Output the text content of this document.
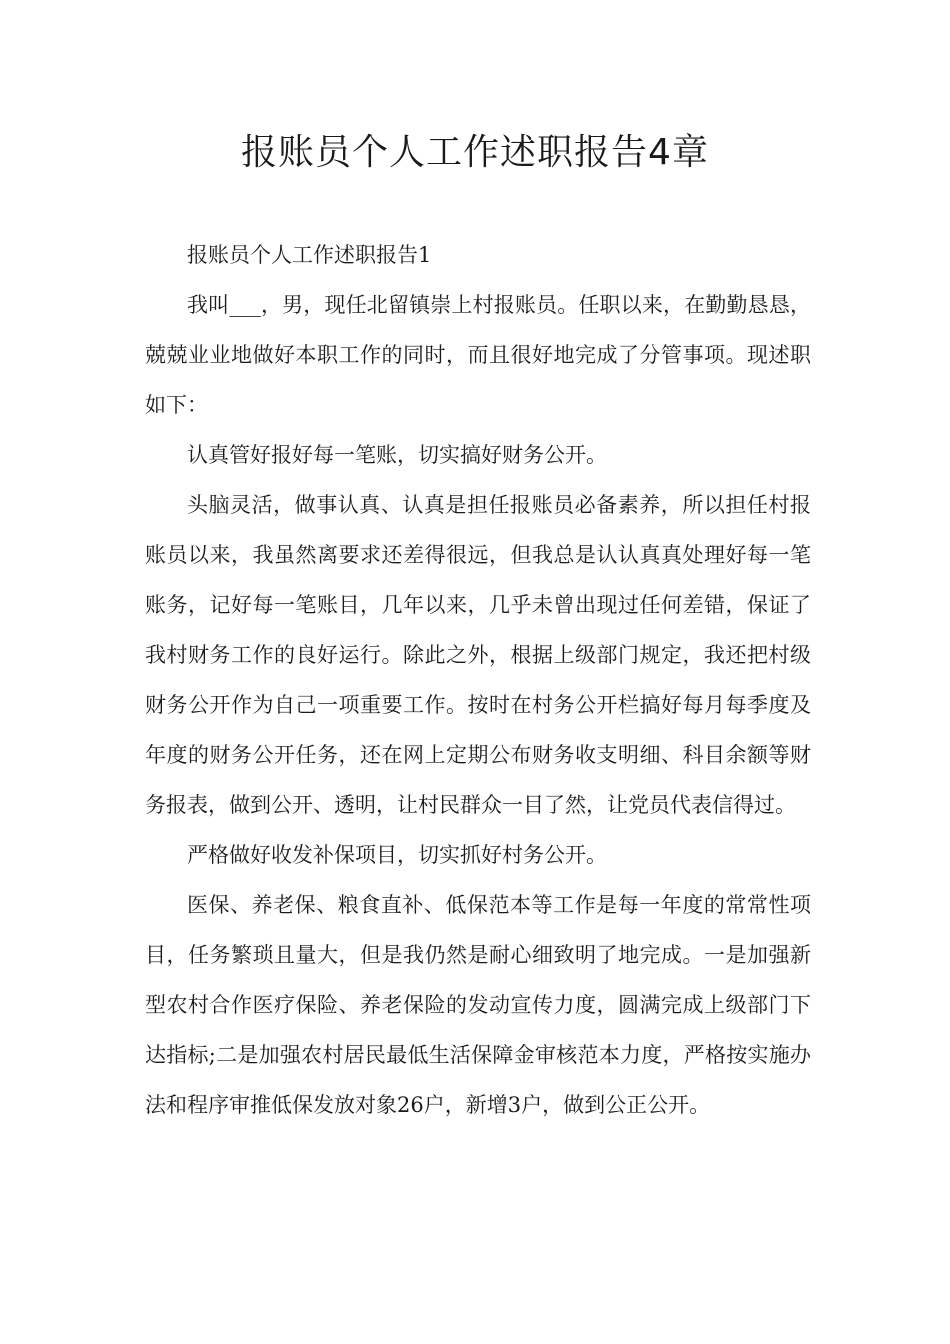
报账员个人工作述职报告4章

报账员个人工作述职报告1

我叫___，男，现任北留镇崇上村报账员。任职以来，在勤勤恳恳，兢兢业业地做好本职工作的同时，而且很好地完成了分管事项。现述职如下：

认真管好报好每一笔账，切实搞好财务公开。

头脑灵活，做事认真、认真是担任报账员必备素养，所以担任村报账员以来，我虽然离要求还差得很远，但我总是认认真真处理好每一笔账务，记好每一笔账目，几年以来，几乎未曾出现过任何差错，保证了我村财务工作的良好运行。除此之外，根据上级部门规定，我还把村级财务公开作为自己一项重要工作。按时在村务公开栏搞好每月每季度及年度的财务公开任务，还在网上定期公布财务收支明细、科目余额等财务报表，做到公开、透明，让村民群众一目了然，让党员代表信得过。

严格做好收发补保项目，切实抓好村务公开。

医保、养老保、粮食直补、低保范本等工作是每一年度的常常性项目，任务繁琐且量大，但是我仍然是耐心细致明了地完成。一是加强新型农村合作医疗保险、养老保险的发动宣传力度，圆满完成上级部门下达指标;二是加强农村居民最低生活保障金审核范本力度，严格按实施办法和程序审推低保发放对象26户，新增3户，做到公正公开。
